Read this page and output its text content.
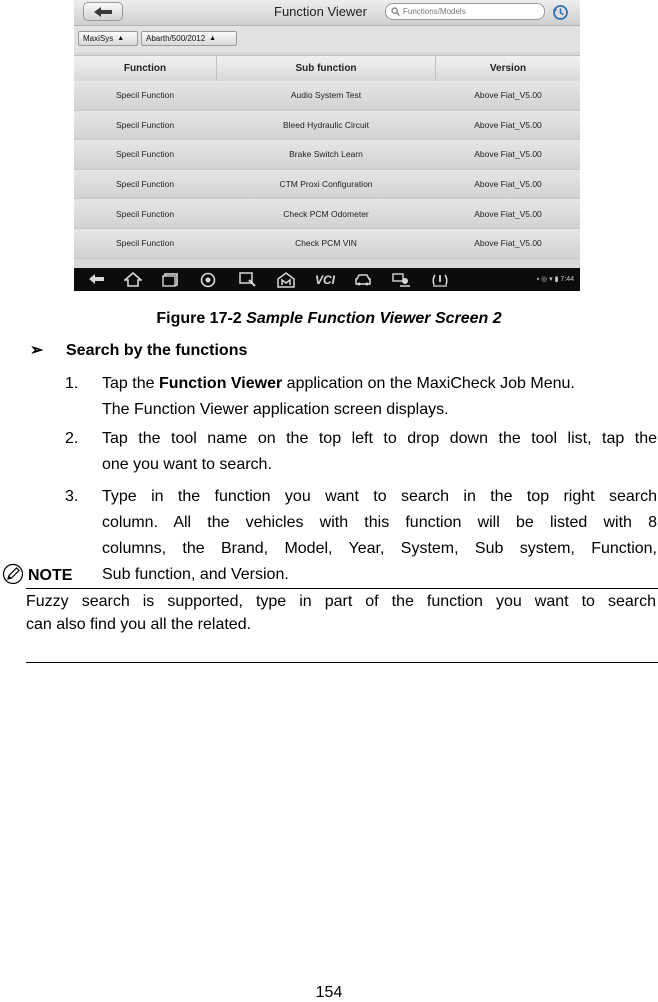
Function Viewer
Functions/Models
MaxiSys ▲	Abarth/500/2012 ▲
Function	Sub function	Version
Specil Function	Audio System Test	Above Fiat_V5.00
Specil Function	Bleed Hydraulic Circuit	Above Fiat_V5.00
Specil Function	Brake Switch Learn	Above Fiat_V5.00
Specil Function	CTM Proxi Configuration	Above Fiat_V5.00
Specil Function	Check PCM Odometer	Above Fiat_V5.00
Specil Function	Check PCM VIN	Above Fiat_V5.00
VCI	▪ ◎ ▾ ▮ 7:44
Figure 17-2 Sample Function Viewer Screen 2
➢ Search by the functions
1.	Tap the Function Viewer application on the MaxiCheck Job Menu.
The Function Viewer application screen displays.
2.	Tap the tool name on the top left to drop down the tool list, tap the
one you want to search.
3.	Type in the function you want to search in the top right search
column. All the vehicles with this function will be listed with 8
columns, the Brand, Model, Year, System, Sub system, Function,
Sub function, and Version.
NOTE
Fuzzy search is supported, type in part of the function you want to search
can also find you all the related.
154
